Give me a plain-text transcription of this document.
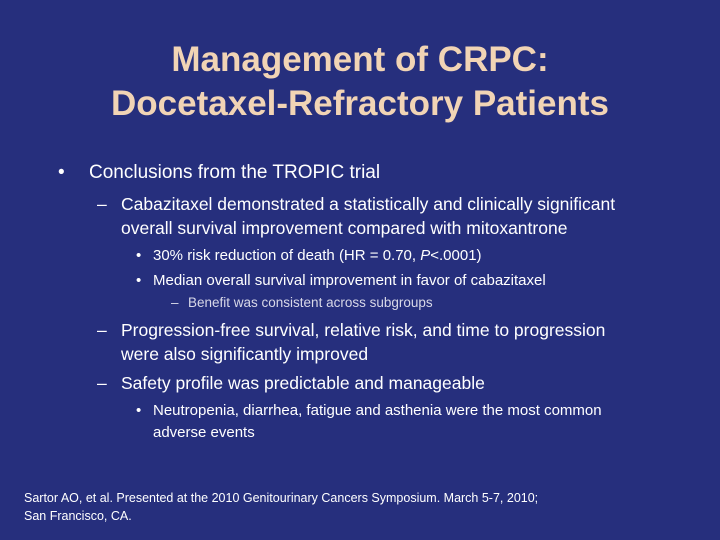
Management of CRPC:
Docetaxel-Refractory Patients
• Conclusions from the TROPIC trial
– Cabazitaxel demonstrated a statistically and clinically significant
overall survival improvement compared with mitoxantrone
• 30% risk reduction of death (HR = 0.70, P<.0001)
• Median overall survival improvement in favor of cabazitaxel
– Benefit was consistent across subgroups
– Progression-free survival, relative risk, and time to progression
were also significantly improved
– Safety profile was predictable and manageable
• Neutropenia, diarrhea, fatigue and asthenia were the most common
adverse events
Sartor AO, et al. Presented at the 2010 Genitourinary Cancers Symposium. March 5-7, 2010;
San Francisco, CA.
